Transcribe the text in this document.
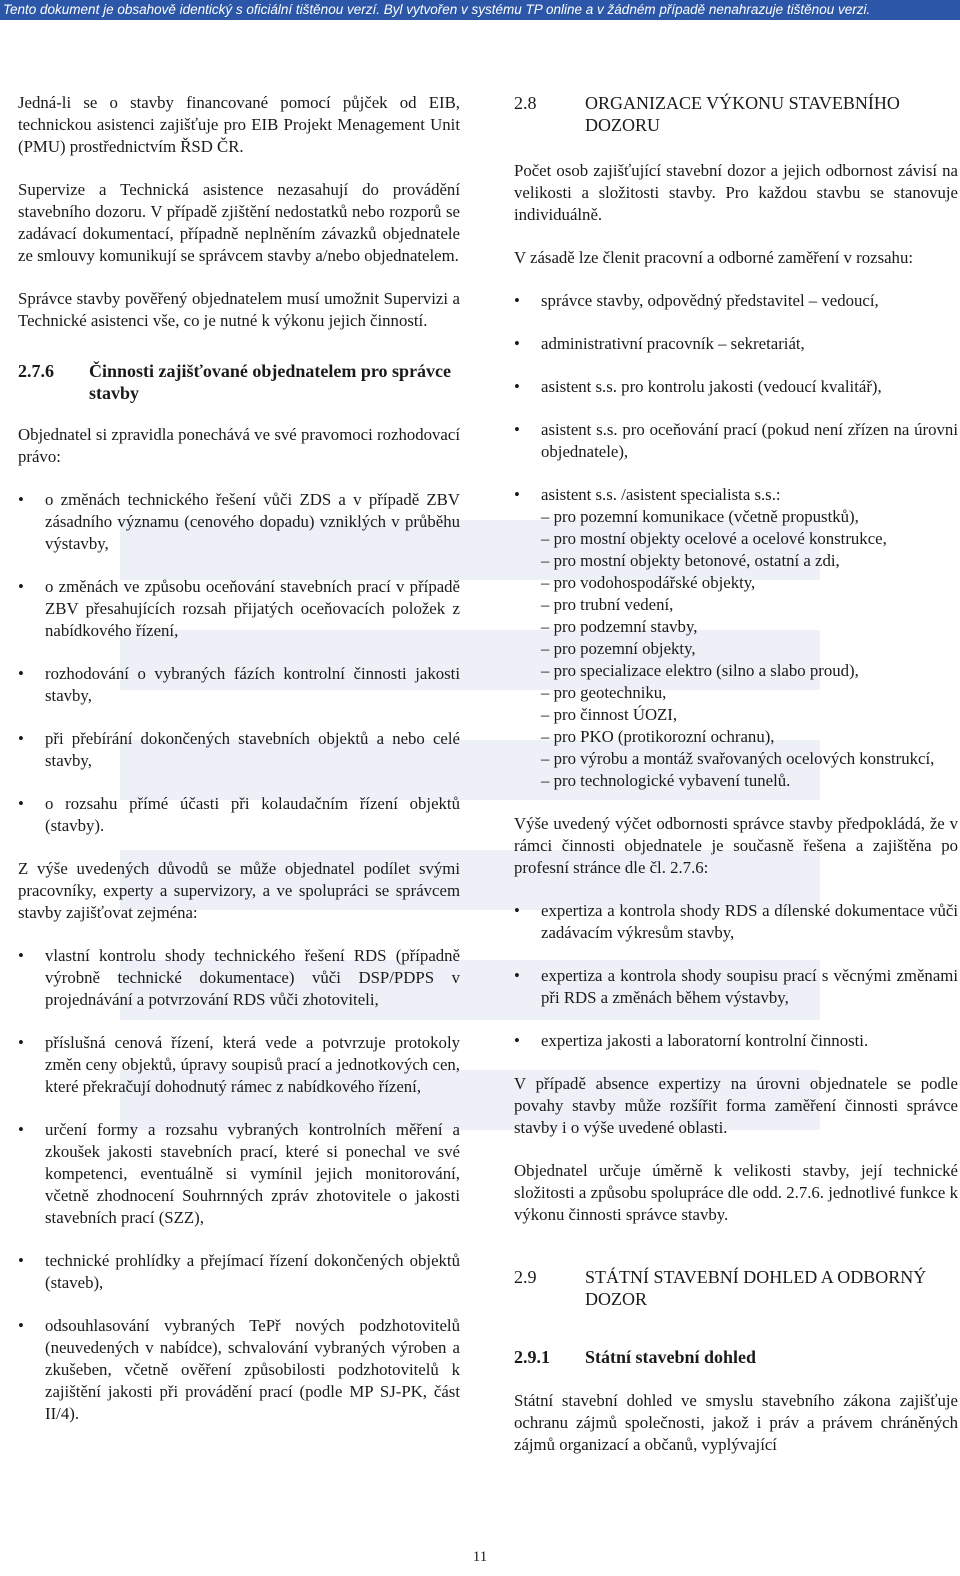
Tento dokument je obsahově identický s oficiální tištěnou verzí. Byl vytvořen v systému TP online a v žádném případě nenahrazuje tištěnou verzi.

Jedná-li se o stavby financované pomocí půjček od EIB, technickou asistenci zajišťuje pro EIB Projekt Menagement Unit (PMU) prostřednictvím ŘSD ČR.

Supervize a Technická asistence nezasahují do provádění stavebního dozoru. V případě zjištění nedostatků nebo rozporů se zadávací dokumentací, případně neplněním závazků objednatele ze smlouvy komunikují se správcem stavby a/nebo objednatelem.

Správce stavby pověřený objednatelem musí umožnit Supervizi a Technické asistenci vše, co je nutné k výkonu jejich činností.

2.7.6	Činnosti zajišťované objednatelem pro správce stavby

Objednatel si zpravidla ponechává ve své pravomoci rozhodovací právo:

• o změnách technického řešení vůči ZDS a v případě ZBV zásadního významu (cenového dopadu) vzniklých v průběhu výstavby,
• o změnách ve způsobu oceňování stavebních prací v případě ZBV přesahujících rozsah přijatých oceňovacích položek z nabídkového řízení,
• rozhodování o vybraných fázích kontrolní činnosti jakosti stavby,
• při přebírání dokončených stavebních objektů a nebo celé stavby,
• o rozsahu přímé účasti při kolaudačním řízení objektů (stavby).

Z výše uvedených důvodů se může objednatel podílet svými pracovníky, experty a supervizory, a ve spolupráci se správcem stavby zajišťovat zejména:

• vlastní kontrolu shody technického řešení RDS (případně výrobně technické dokumentace) vůči DSP/PDPS v projednávání a potvrzování RDS vůči zhotoviteli,
• příslušná cenová řízení, která vede a potvrzuje protokoly změn ceny objektů, úpravy soupisů prací a jednotkových cen, které překračují dohodnutý rámec z nabídkového řízení,
• určení formy a rozsahu vybraných kontrolních měření a zkoušek jakosti stavebních prací, které si ponechal ve své kompetenci, eventuálně si vymínil jejich monitorování, včetně zhodnocení Souhrnných zpráv zhotovitele o jakosti stavebních prací (SZZ),
• technické prohlídky a přejímací řízení dokončených objektů (staveb),
• odsouhlasování vybraných TePř nových podzhotovitelů (neuvedených v nabídce), schvalování vybraných výroben a zkušeben, včetně ověření způsobilosti podzhotovitelů k zajištění jakosti při provádění prací (podle MP SJ-PK, část II/4).
2.8	ORGANIZACE VÝKONU STAVEBNÍHO DOZORU

Počet osob zajišťující stavební dozor a jejich odbornost závisí na velikosti a složitosti stavby. Pro každou stavbu se stanovuje individuálně.

V zásadě lze členit pracovní a odborné zaměření v rozsahu:

• správce stavby, odpovědný představitel – vedoucí,
• administrativní pracovník – sekretariát,
• asistent s.s. pro kontrolu jakosti (vedoucí kvalitář),
• asistent s.s. pro oceňování prací (pokud není zřízen na úrovni objednatele),
• asistent s.s. /asistent specialista s.s.:
– pro pozemní komunikace (včetně propustků),
– pro mostní objekty ocelové a ocelové konstrukce,
– pro mostní objekty betonové, ostatní a zdi,
– pro vodohospodářské objekty,
– pro trubní vedení,
– pro podzemní stavby,
– pro pozemní objekty,
– pro specializace elektro (silno a slabo proud),
– pro geotechniku,
– pro činnost ÚOZI,
– pro PKO (protikorozní ochranu),
– pro výrobu a montáž svařovaných ocelových konstrukcí,
– pro technologické vybavení tunelů.

Výše uvedený výčet odbornosti správce stavby předpokládá, že v rámci činnosti objednatele je současně řešena a zajištěna po profesní stránce dle čl. 2.7.6:

• expertiza a kontrola shody RDS a dílenské dokumentace vůči zadávacím výkresům stavby,
• expertiza a kontrola shody soupisu prací s věcnými změnami při RDS a změnách během výstavby,
• expertiza jakosti a laboratorní kontrolní činnosti.

V případě absence expertizy na úrovni objednatele se podle povahy stavby může rozšířit forma zaměření činnosti správce stavby i o výše uvedené oblasti.

Objednatel určuje úměrně k velikosti stavby, její technické složitosti a způsobu spolupráce dle odd. 2.7.6. jednotlivé funkce k výkonu činnosti správce stavby.

2.9	STÁTNÍ STAVEBNÍ DOHLED A ODBORNÝ DOZOR
2.9.1	Státní stavební dohled

Státní stavební dohled ve smyslu stavebního zákona zajišťuje ochranu zájmů společnosti, jakož i práv a právem chráněných zájmů organizací a občanů, vyplývající

11
